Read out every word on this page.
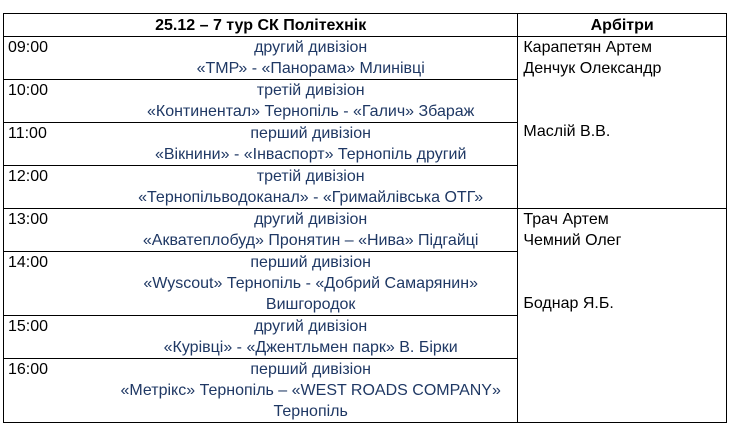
25.12 – 7 тур СК Політехнік	Арбітри

09:00	другий дивізіон
«ТМР» - «Панорама» Млинівці

10:00	третій дивізіон
«Континентал» Тернопіль - «Галич» Збараж

11:00	перший дивізіон
«Вікнини» - «Інваспорт» Тернопіль другий

12:00	третій дивізіон
«Тернопільводоканал» - «Гримайлівська ОТГ»

Карапетян Артем
Денчук Олександр
Маслій В.В.

13:00	другий дивізіон
«Акватеплобуд» Пронятин – «Нива» Підгайці

14:00	перший дивізіон
«Wyscout» Тернопіль - «Добрий Самарянин» Вишгородок

15:00	другий дивізіон
«Курівці» - «Джентльмен парк» В. Бірки

16:00	перший дивізіон
«Метрікс» Тернопіль – «WEST ROADS COMPANY» Тернопіль

Трач Артем
Чемний Олег
Боднар Я.Б.
